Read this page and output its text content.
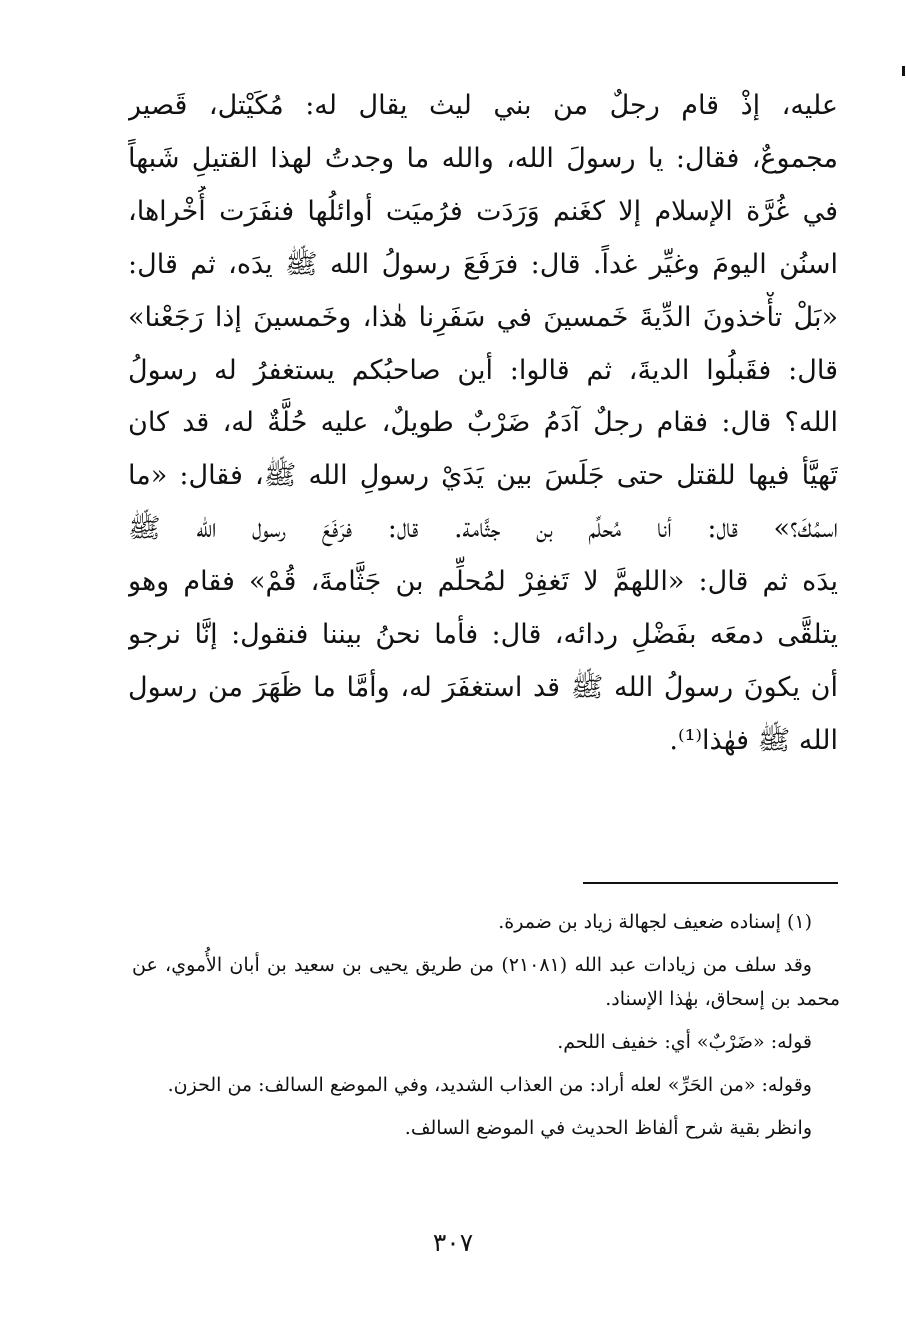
عليه، إذْ قام رجلٌ من بني ليث يقال له: مُكَيْتل، قَصير
مجموعٌ، فقال: يا رسولَ الله، والله ما وجدتُ لهذا القتيلِ شَبهاً
في غُرَّة الإسلام إلا كغَنم وَرَدَت فرُميَت أوائلُها فنفَرَت أُخْراها،
اسنُن اليومَ وغيِّر غداً. قال: فرَفَعَ رسولُ الله ﷺ يدَه، ثم قال:
«بَلْ تأْخذونَ الدِّيةَ خَمسينَ في سَفَرِنا هٰذا، وخَمسينَ إذا رَجَعْنا»
قال: فقَبلُوا الديةَ، ثم قالوا: أين صاحبُكم يستغفرُ له رسولُ
الله؟ قال: فقام رجلٌ آدَمُ ضَرْبٌ طويلٌ، عليه حُلَّةٌ له، قد كان
تَهيَّأ فيها للقتل حتى جَلَسَ بين يَدَيْ رسولِ الله ﷺ، فقال: «ما
اسمُكَ؟» قال: أنا مُحلِّم بن جثَّامة. قال: فرَفَعَ رسول الله ﷺ
يدَه ثم قال: «اللهمَّ لا تَغفِرْ لمُحلِّم بن جَثَّامةَ، قُمْ» فقام وهو
يتلقَّى دمعَه بفَضْلِ ردائه، قال: فأما نحنُ بيننا فنقول: إنَّا نرجو
أن يكونَ رسولُ الله ﷺ قد استغفَرَ له، وأمَّا ما ظَهَرَ من رسول
الله ﷺ فهٰذا⁽¹⁾.

(١) إسناده ضعيف لجهالة زياد بن ضمرة.

وقد سلف من زيادات عبد الله (٢١٠٨١) من طريق يحيى بن سعيد بن أبان الأُموي، عن محمد بن إسحاق، بهٰذا الإسناد.

قوله: «ضَرْبٌ» أي: خفيف اللحم.

وقوله: «من الحَرِّ» لعله أراد: من العذاب الشديد، وفي الموضع السالف: من الحزن.

وانظر بقية شرح ألفاظ الحديث في الموضع السالف.

٣٠٧
